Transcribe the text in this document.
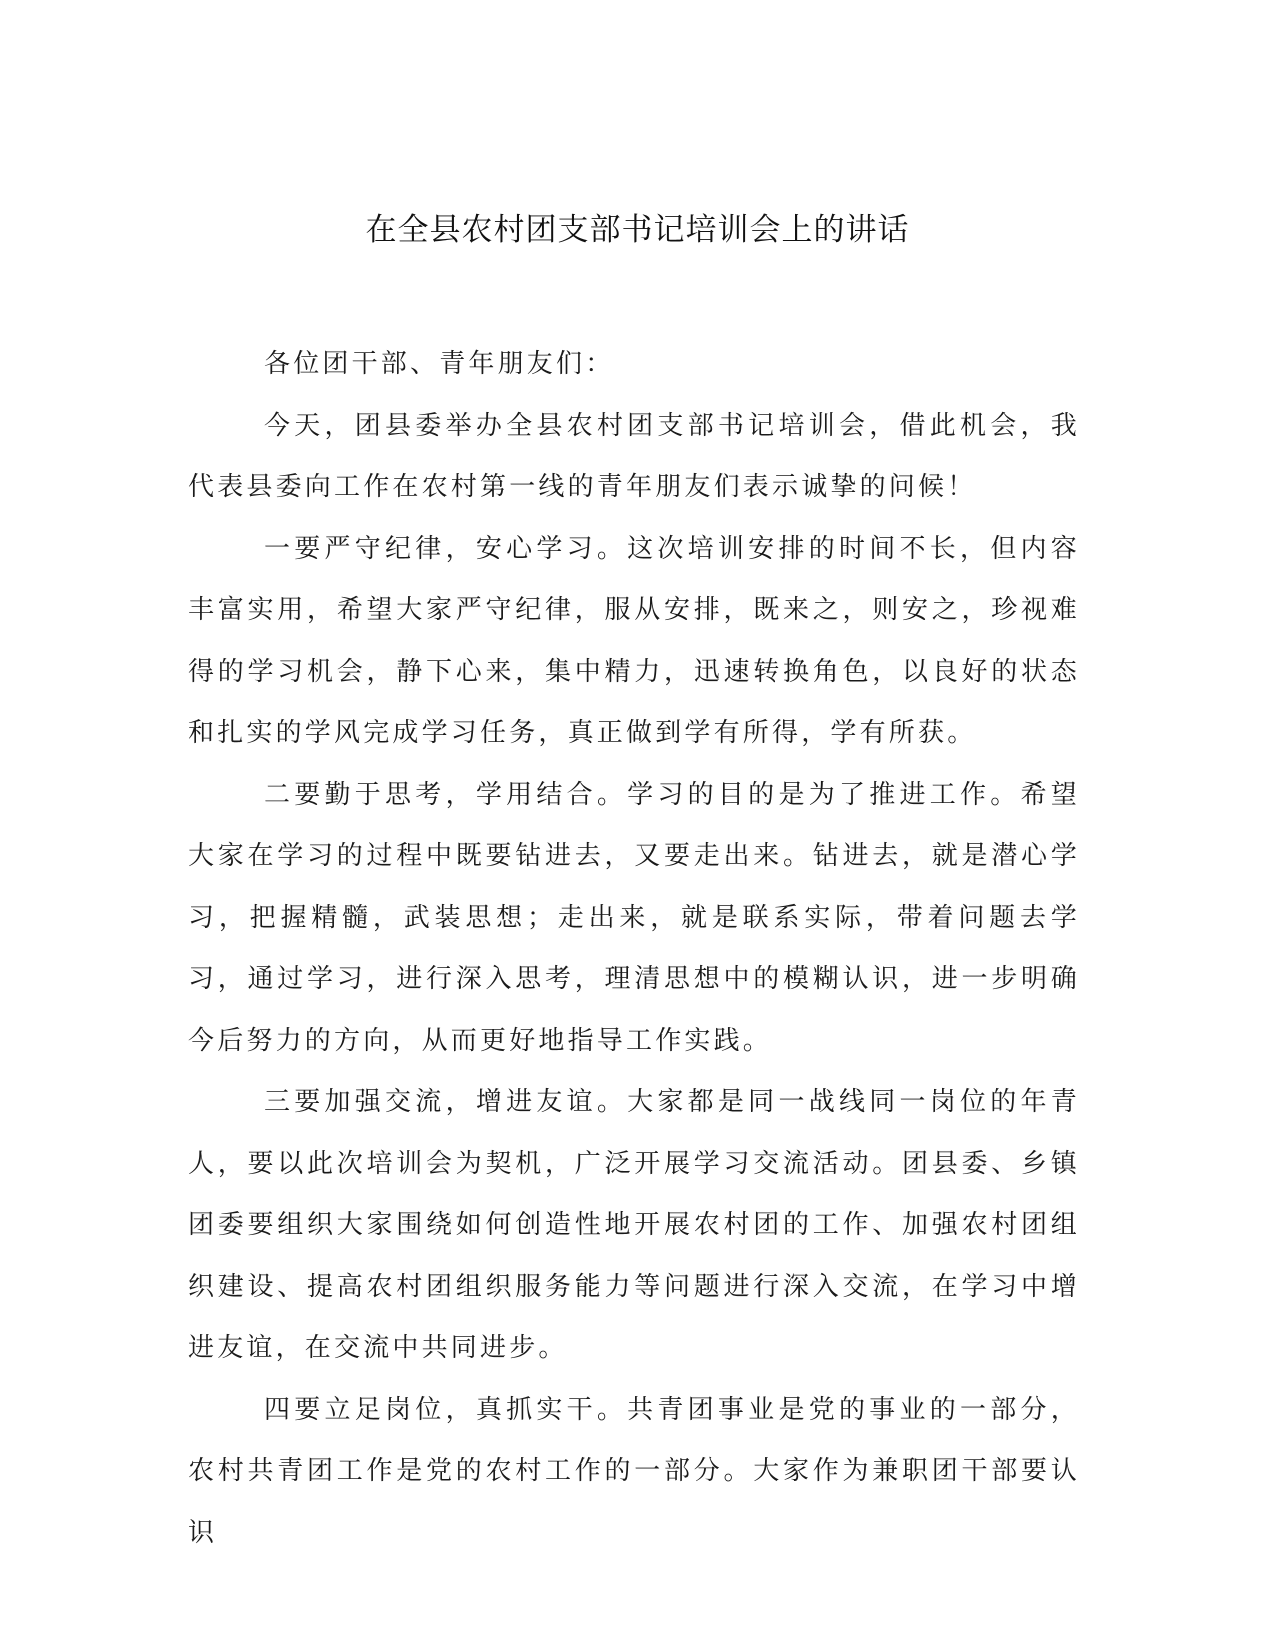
在全县农村团支部书记培训会上的讲话

各位团干部、青年朋友们：

今天，团县委举办全县农村团支部书记培训会，借此机会，我代表县委向工作在农村第一线的青年朋友们表示诚挚的问候！

一要严守纪律，安心学习。这次培训安排的时间不长，但内容丰富实用，希望大家严守纪律，服从安排，既来之，则安之，珍视难得的学习机会，静下心来，集中精力，迅速转换角色，以良好的状态和扎实的学风完成学习任务，真正做到学有所得，学有所获。

二要勤于思考，学用结合。学习的目的是为了推进工作。希望大家在学习的过程中既要钻进去，又要走出来。钻进去，就是潜心学习，把握精髓，武装思想；走出来，就是联系实际，带着问题去学习，通过学习，进行深入思考，理清思想中的模糊认识，进一步明确今后努力的方向，从而更好地指导工作实践。

三要加强交流，增进友谊。大家都是同一战线同一岗位的年青人，要以此次培训会为契机，广泛开展学习交流活动。团县委、乡镇团委要组织大家围绕如何创造性地开展农村团的工作、加强农村团组织建设、提高农村团组织服务能力等问题进行深入交流，在学习中增进友谊，在交流中共同进步。

四要立足岗位，真抓实干。共青团事业是党的事业的一部分，农村共青团工作是党的农村工作的一部分。大家作为兼职团干部要认识
